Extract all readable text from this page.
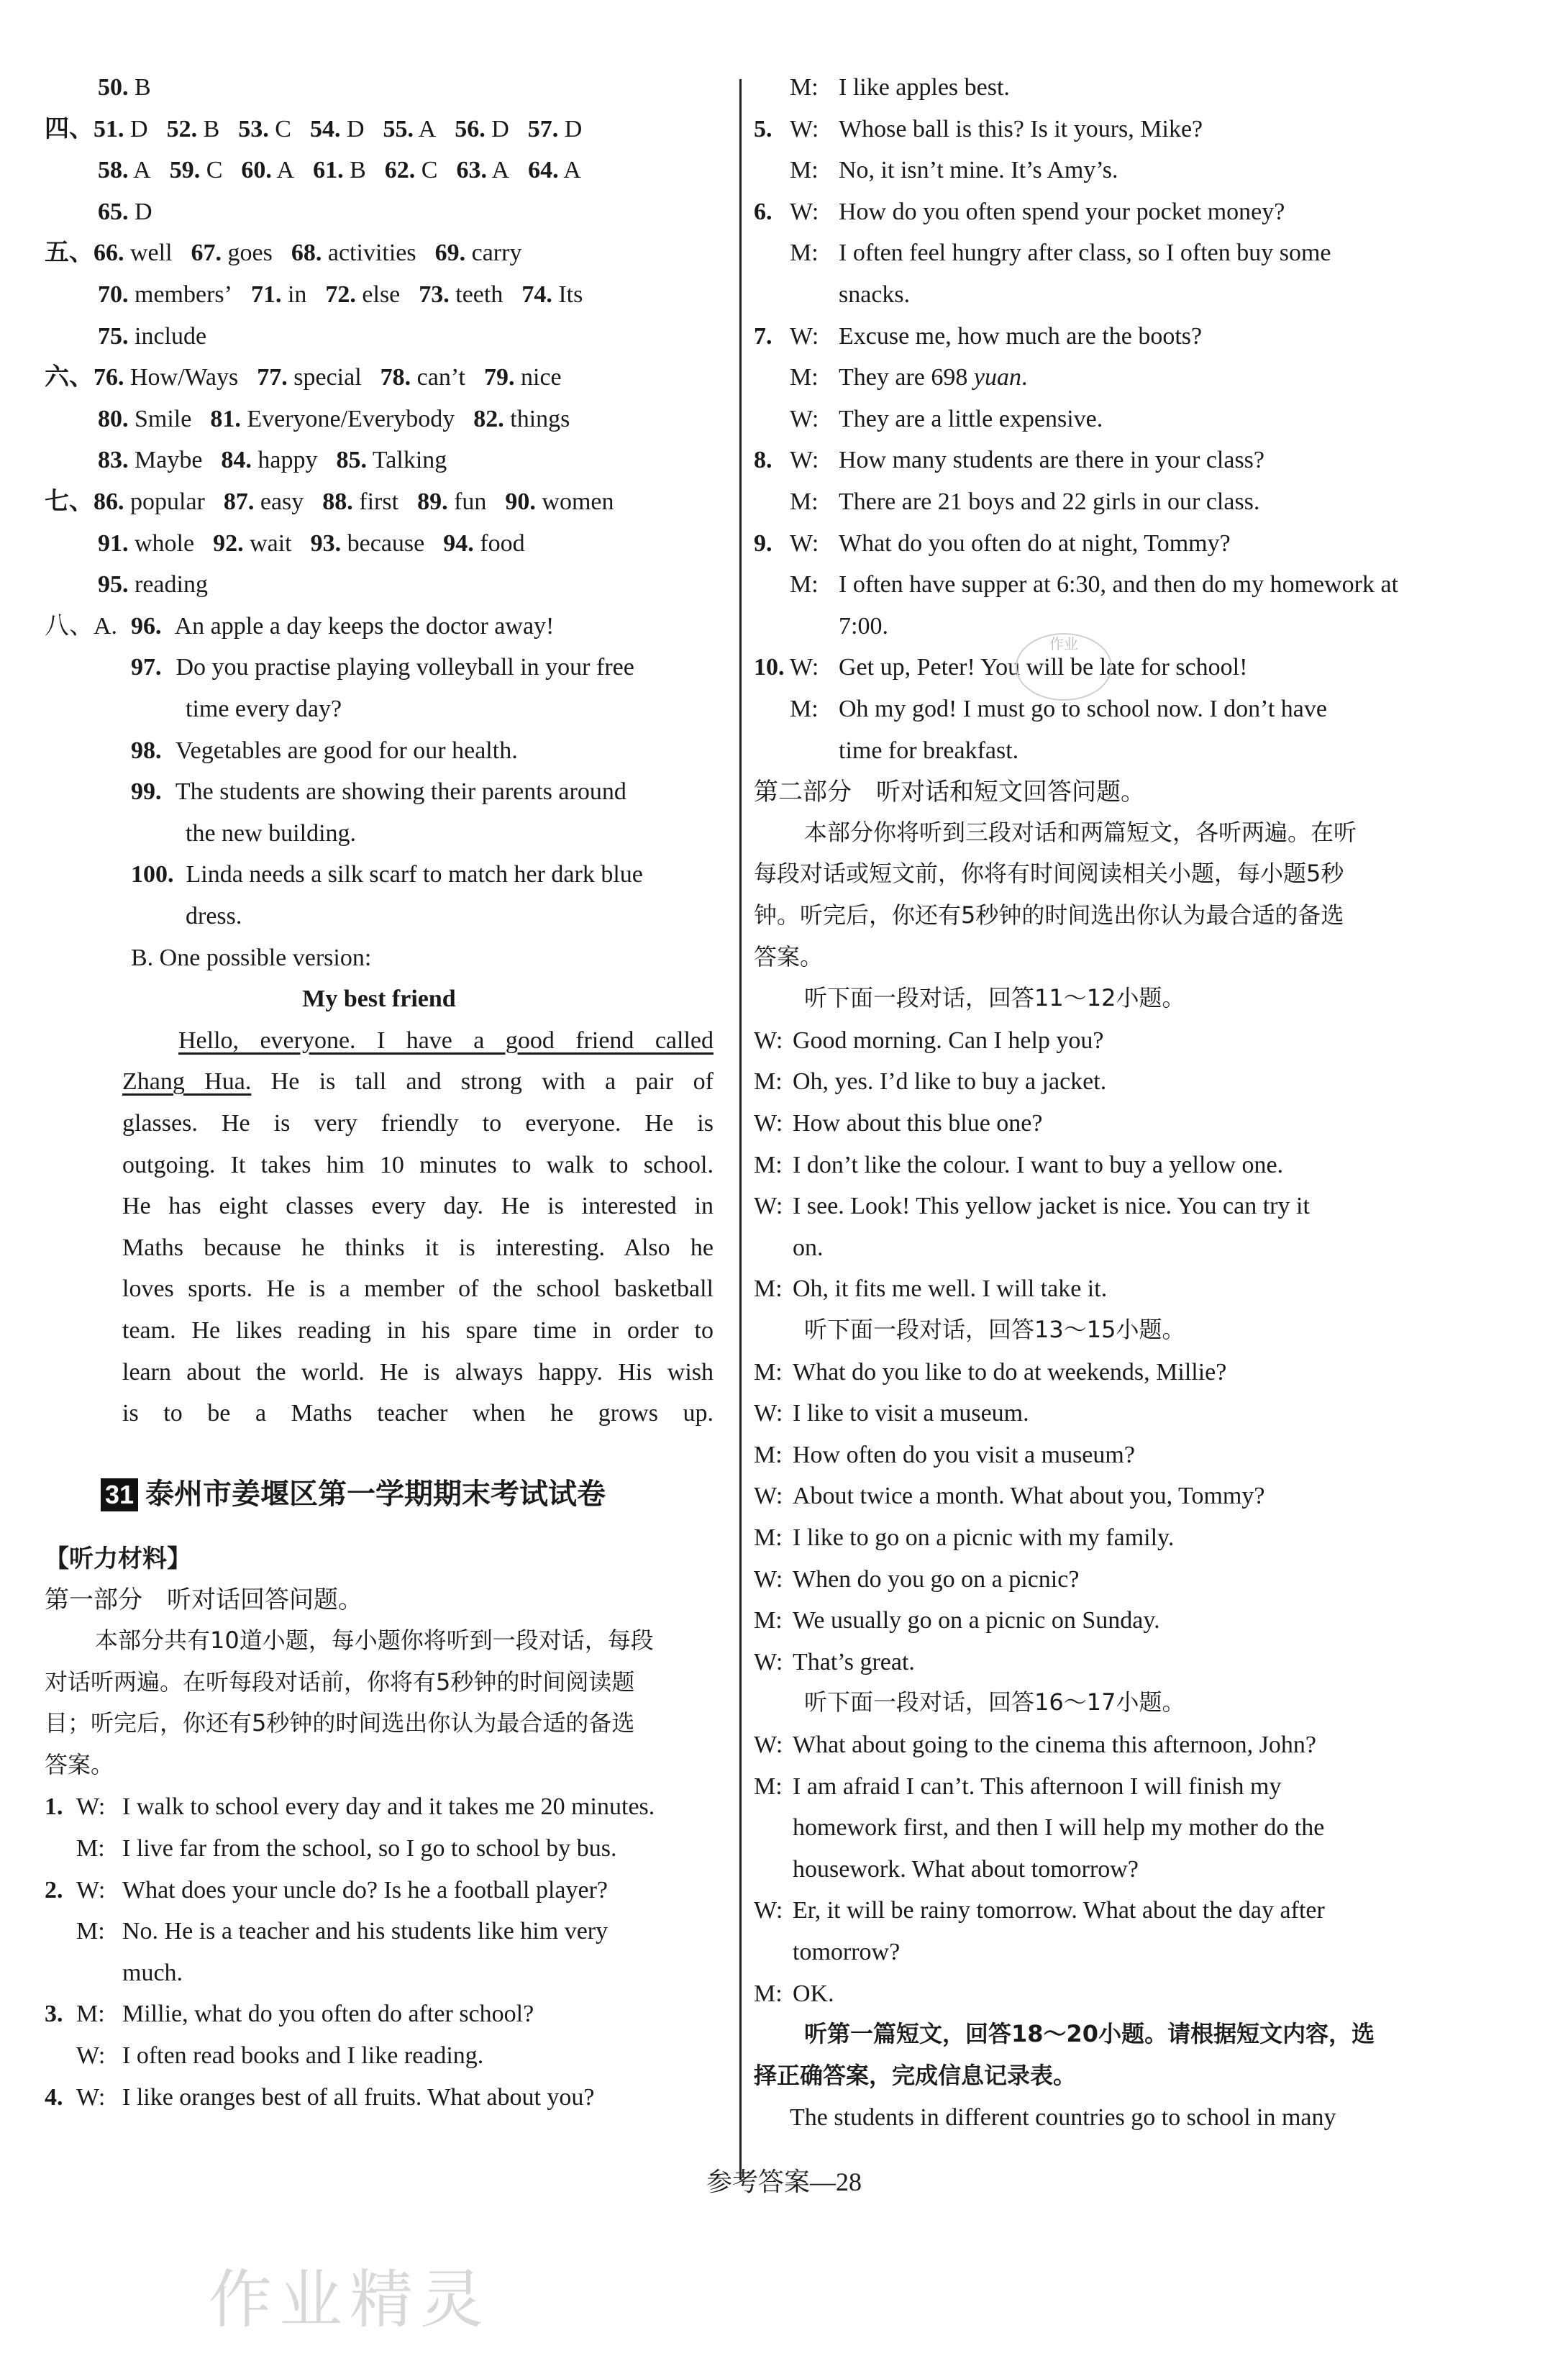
50. B
四、51. D 52. B 53. C 54. D 55. A 56. D 57. D
58. A 59. C 60. A 61. B 62. C 63. A 64. A
65. D
五、66. well 67. goes 68. activities 69. carry
70. members’ 71. in 72. else 73. teeth 74. Its
75. include
六、76. How/Ways 77. special 78. can’t 79. nice
80. Smile 81. Everyone/Everybody 82. things
83. Maybe 84. happy 85. Talking
七、86. popular 87. easy 88. first 89. fun 90. women
91. whole 92. wait 93. because 94. food
95. reading
八、A. 96. An apple a day keeps the doctor away!
97. Do you practise playing volleyball in your free
time every day?
98. Vegetables are good for our health.
99. The students are showing their parents around
the new building.
100. Linda needs a silk scarf to match her dark blue
dress.
B. One possible version:
My best friend
Hello, everyone. I have a good friend called
Zhang Hua. He is tall and strong with a pair of
glasses. He is very friendly to everyone. He is
outgoing. It takes him 10 minutes to walk to school.
He has eight classes every day. He is interested in
Maths because he thinks it is interesting. Also he
loves sports. He is a member of the school basketball
team. He likes reading in his spare time in order to
learn about the world. He is always happy. His wish
is to be a Maths teacher when he grows up.
31 泰州市姜堰区第一学期期末考试试卷
【听力材料】
第一部分　听对话回答问题。
本部分共有10道小题，每小题你将听到一段对话，每段
对话听两遍。在听每段对话前，你将有5秒钟的时间阅读题
目；听完后，你还有5秒钟的时间选出你认为最合适的备选
答案。
1. W: I walk to school every day and it takes me 20 minutes.
M: I live far from the school, so I go to school by bus.
2. W: What does your uncle do? Is he a football player?
M: No. He is a teacher and his students like him very
much.
3. M: Millie, what do you often do after school?
W: I often read books and I like reading.
4. W: I like oranges best of all fruits. What about you?
M: I like apples best.
5. W: Whose ball is this? Is it yours, Mike?
M: No, it isn’t mine. It’s Amy’s.
6. W: How do you often spend your pocket money?
M: I often feel hungry after class, so I often buy some
snacks.
7. W: Excuse me, how much are the boots?
M: They are 698 yuan.
W: They are a little expensive.
8. W: How many students are there in your class?
M: There are 21 boys and 22 girls in our class.
9. W: What do you often do at night, Tommy?
M: I often have supper at 6:30, and then do my homework at
7:00.
10. W: Get up, Peter! You will be late for school!
M: Oh my god! I must go to school now. I don’t have
time for breakfast.
第二部分　听对话和短文回答问题。
本部分你将听到三段对话和两篇短文，各听两遍。在听
每段对话或短文前，你将有时间阅读相关小题，每小题5秒
钟。听完后，你还有5秒钟的时间选出你认为最合适的备选
答案。
听下面一段对话，回答11～12小题。
W: Good morning. Can I help you?
M: Oh, yes. I’d like to buy a jacket.
W: How about this blue one?
M: I don’t like the colour. I want to buy a yellow one.
W: I see. Look! This yellow jacket is nice. You can try it
on.
M: Oh, it fits me well. I will take it.
听下面一段对话，回答13～15小题。
M: What do you like to do at weekends, Millie?
W: I like to visit a museum.
M: How often do you visit a museum?
W: About twice a month. What about you, Tommy?
M: I like to go on a picnic with my family.
W: When do you go on a picnic?
M: We usually go on a picnic on Sunday.
W: That’s great.
听下面一段对话，回答16～17小题。
W: What about going to the cinema this afternoon, John?
M: I am afraid I can’t. This afternoon I will finish my
homework first, and then I will help my mother do the
housework. What about tomorrow?
W: Er, it will be rainy tomorrow. What about the day after
tomorrow?
M: OK.
听第一篇短文，回答18～20小题。请根据短文内容，选
择正确答案，完成信息记录表。
The students in different countries go to school in many
作业
参考答案—28
作业精灵
